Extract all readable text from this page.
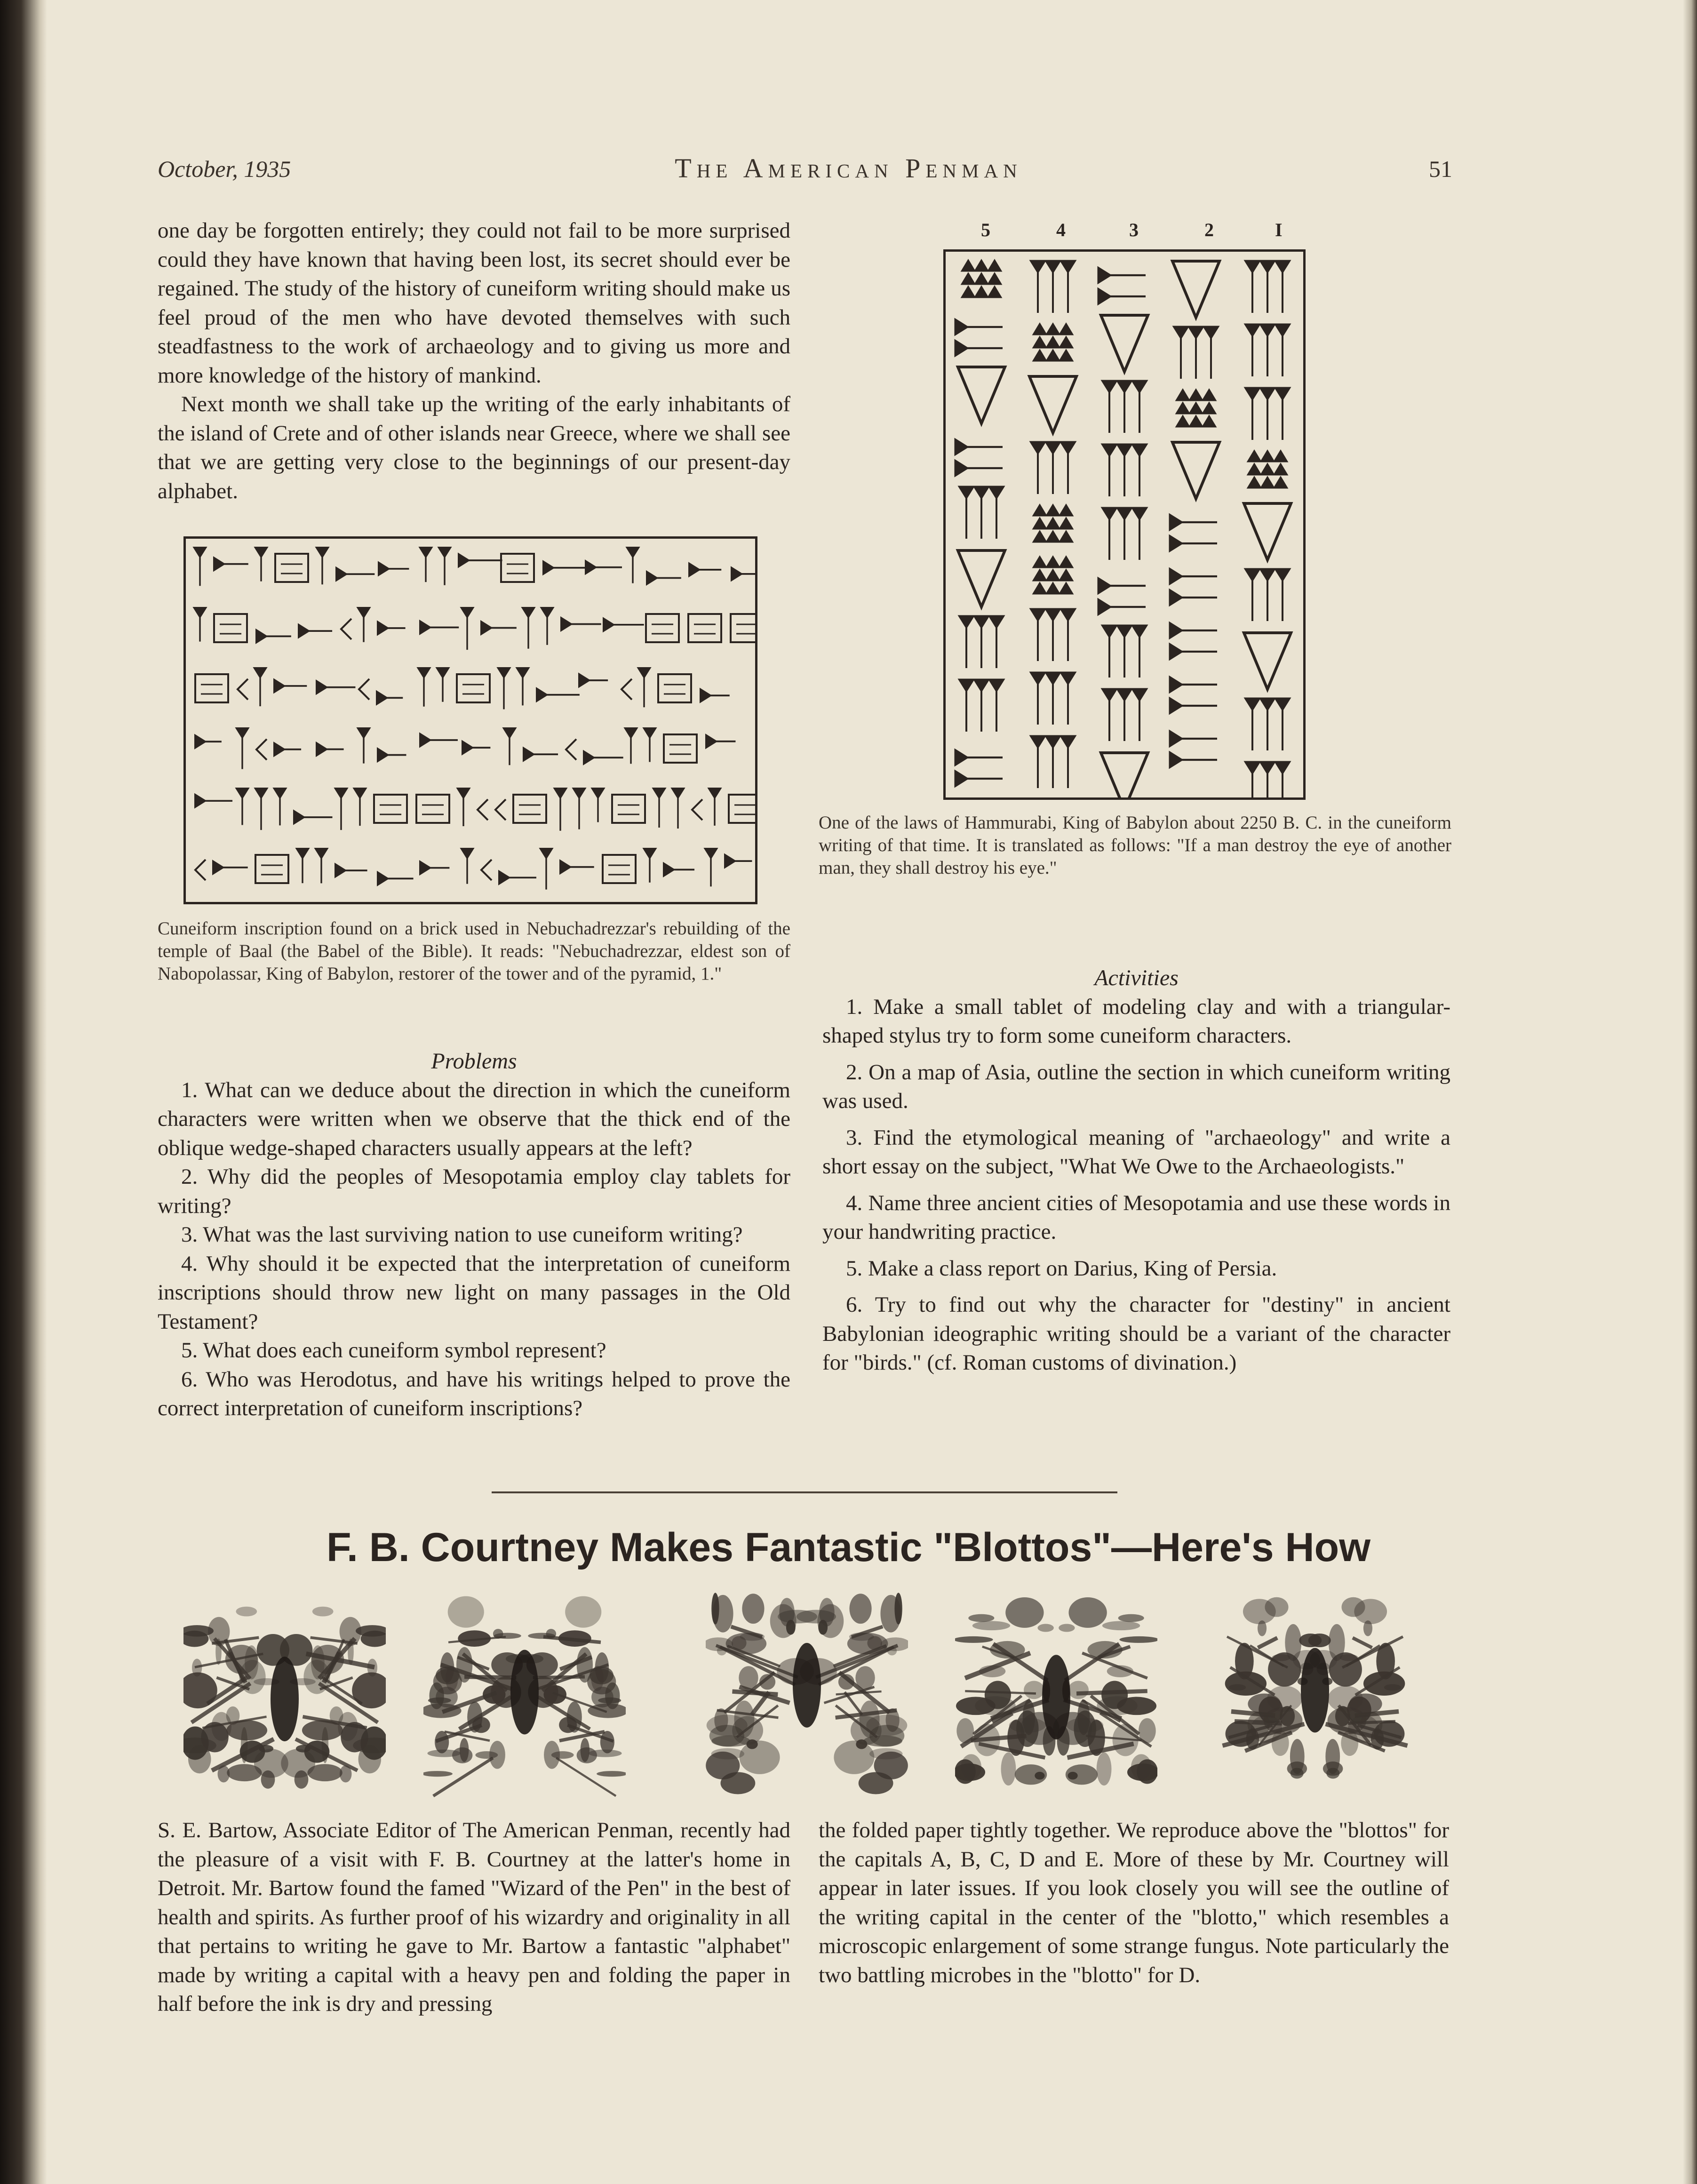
October, 1935	The American Penman	51

one day be forgotten entirely; they could not fail to be more surprised could they have known that having been lost, its secret should ever be regained. The study of the history of cuneiform writing should make us feel proud of the men who have devoted themselves with such steadfastness to the work of archaeology and to giving us more and more knowledge of the history of mankind.

Next month we shall take up the writing of the early inhabitants of the island of Crete and of other islands near Greece, where we shall see that we are getting very close to the beginnings of our present-day alphabet.

Cuneiform inscription found on a brick used in Nebuchadrezzar's rebuilding of the temple of Baal (the Babel of the Bible). It reads: "Nebuchadrezzar, eldest son of Nabopolassar, King of Babylon, restorer of the tower and of the pyramid, 1."

Problems

1. What can we deduce about the direction in which the cuneiform characters were written when we observe that the thick end of the oblique wedge-shaped characters usually appears at the left?
2. Why did the peoples of Mesopotamia employ clay tablets for writing?
3. What was the last surviving nation to use cuneiform writing?
4. Why should it be expected that the interpretation of cuneiform inscriptions should throw new light on many passages in the Old Testament?
5. What does each cuneiform symbol represent?
6. Who was Herodotus, and have his writings helped to prove the correct interpretation of cuneiform inscriptions?
5	4	3	2	I
One of the laws of Hammurabi, King of Babylon about 2250 B. C. in the cuneiform writing of that time. It is translated as follows: "If a man destroy the eye of another man, they shall destroy his eye."

Activities

1. Make a small tablet of modeling clay and with a triangular-shaped stylus try to form some cuneiform characters.
2. On a map of Asia, outline the section in which cuneiform writing was used.
3. Find the etymological meaning of "archaeology" and write a short essay on the subject, "What We Owe to the Archaeologists."
4. Name three ancient cities of Mesopotamia and use these words in your handwriting practice.
5. Make a class report on Darius, King of Persia.
6. Try to find out why the character for "destiny" in ancient Babylonian ideographic writing should be a variant of the character for "birds." (cf. Roman customs of divination.)
F. B. Courtney Makes Fantastic "Blottos"—Here's How
S. E. Bartow, Associate Editor of The American Penman, recently had the pleasure of a visit with F. B. Courtney at the latter's home in Detroit. Mr. Bartow found the famed "Wizard of the Pen" in the best of health and spirits. As further proof of his wizardry and originality in all that pertains to writing he gave to Mr. Bartow a fantastic "alphabet" made by writing a capital with a heavy pen and folding the paper in half before the ink is dry and pressing
the folded paper tightly together. We reproduce above the "blottos" for the capitals A, B, C, D and E. More of these by Mr. Courtney will appear in later issues. If you look closely you will see the outline of the writing capital in the center of the "blotto," which resembles a microscopic enlargement of some strange fungus. Note particularly the two battling microbes in the "blotto" for D.
